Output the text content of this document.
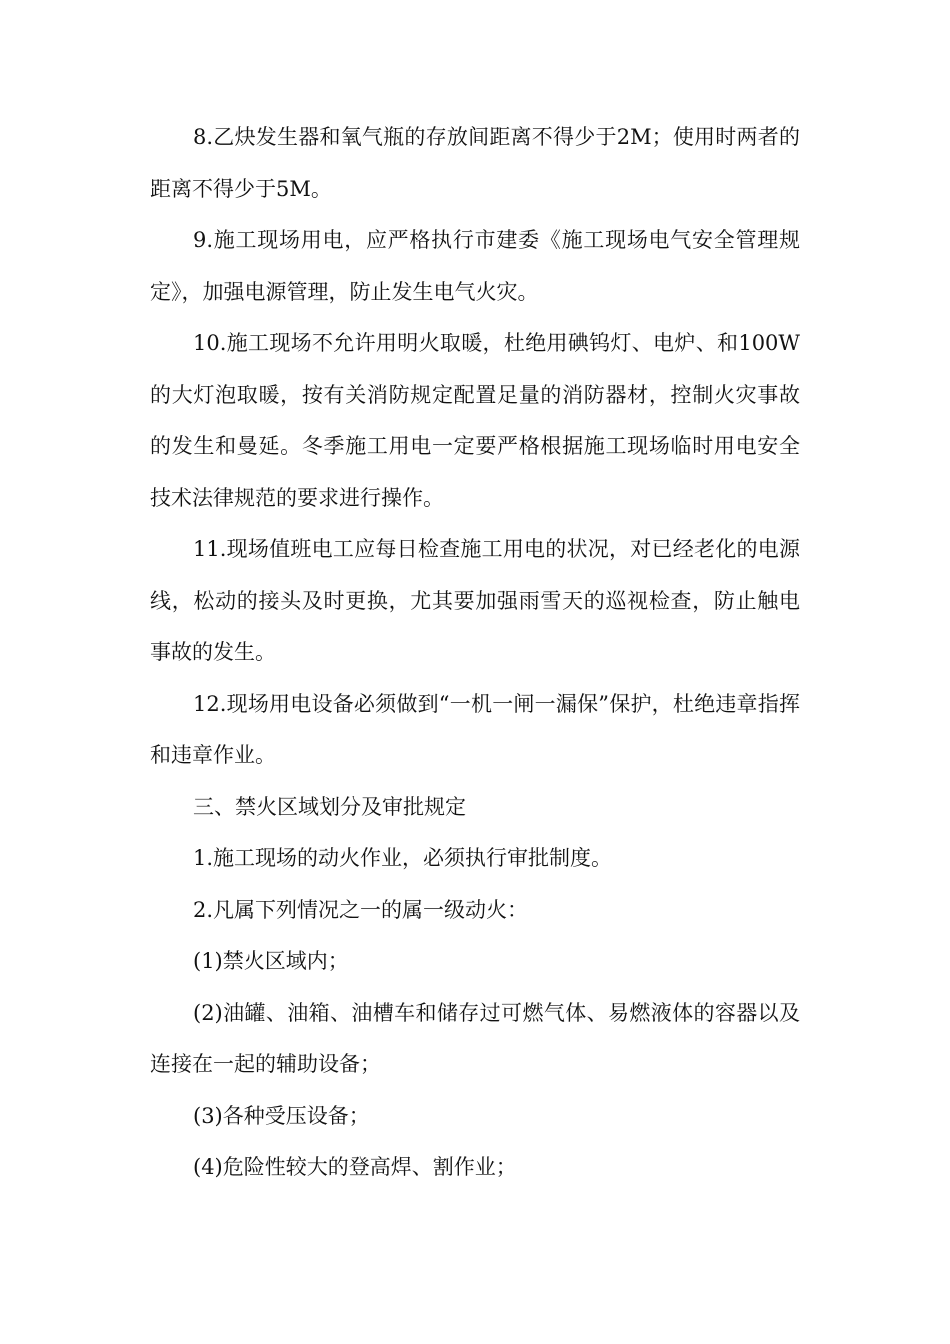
8.乙炔发生器和氧气瓶的存放间距离不得少于2M；使用时两者的距离不得少于5M。

9.施工现场用电，应严格执行市建委《施工现场电气安全管理规定》，加强电源管理，防止发生电气火灾。

10.施工现场不允许用明火取暖，杜绝用碘钨灯、电炉、和100W的大灯泡取暖，按有关消防规定配置足量的消防器材，控制火灾事故的发生和曼延。冬季施工用电一定要严格根据施工现场临时用电安全技术法律规范的要求进行操作。

11.现场值班电工应每日检查施工用电的状况，对已经老化的电源线，松动的接头及时更换，尤其要加强雨雪天的巡视检查，防止触电事故的发生。

12.现场用电设备必须做到“一机一闸一漏保”保护，杜绝违章指挥和违章作业。

三、禁火区域划分及审批规定

1.施工现场的动火作业，必须执行审批制度。

2.凡属下列情况之一的属一级动火：

(1)禁火区域内；

(2)油罐、油箱、油槽车和储存过可燃气体、易燃液体的容器以及连接在一起的辅助设备；

(3)各种受压设备；

(4)危险性较大的登高焊、割作业；
